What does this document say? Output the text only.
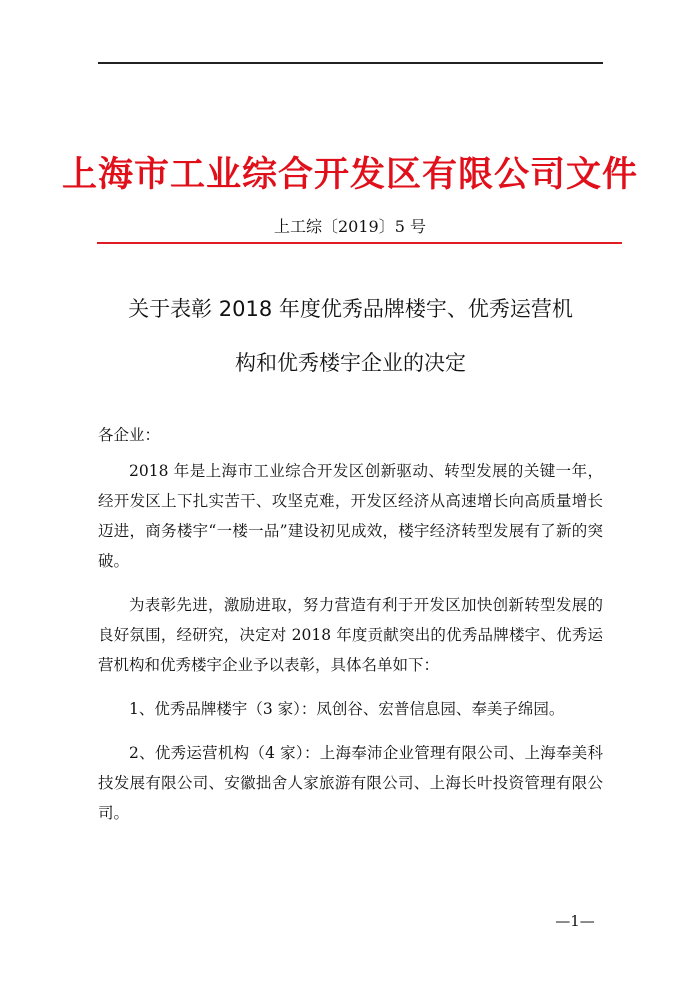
上海市工业综合开发区有限公司文件
上工综〔2019〕5 号
关于表彰 2018 年度优秀品牌楼宇、优秀运营机
构和优秀楼宇企业的决定

各企业：

2018 年是上海市工业综合开发区创新驱动、转型发展的关键一年，经开发区上下扎实苦干、攻坚克难，开发区经济从高速增长向高质量增长迈进，商务楼宇“一楼一品”建设初见成效，楼宇经济转型发展有了新的突破。

为表彰先进，激励进取，努力营造有利于开发区加快创新转型发展的良好氛围，经研究，决定对 2018 年度贡献突出的优秀品牌楼宇、优秀运营机构和优秀楼宇企业予以表彰，具体名单如下：

1、优秀品牌楼宇（3 家）：凤创谷、宏普信息园、奉美子绵园。

2、优秀运营机构（4 家）：上海奉沛企业管理有限公司、上海奉美科技发展有限公司、安徽拙舍人家旅游有限公司、上海长叶投资管理有限公司。

—1—
